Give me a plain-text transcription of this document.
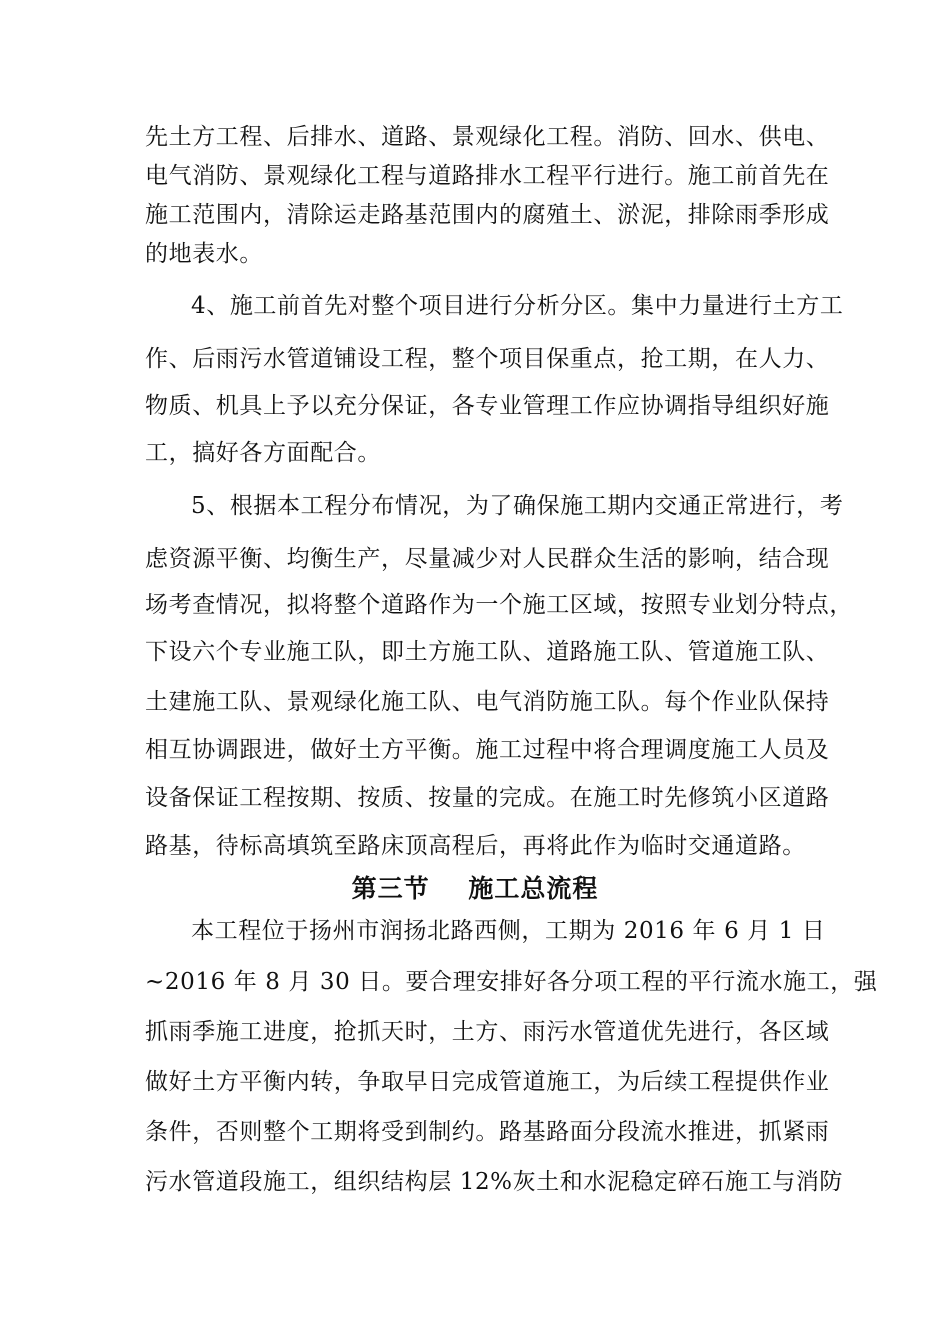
先土方工程、后排水、道路、景观绿化工程。消防、回水、供电、
电气消防、景观绿化工程与道路排水工程平行进行。施工前首先在
施工范围内，清除运走路基范围内的腐殖土、淤泥，排除雨季形成
的地表水。
4、施工前首先对整个项目进行分析分区。集中力量进行土方工
作、后雨污水管道铺设工程，整个项目保重点，抢工期，在人力、
物质、机具上予以充分保证，各专业管理工作应协调指导组织好施
工，搞好各方面配合。
5、根据本工程分布情况，为了确保施工期内交通正常进行，考
虑资源平衡、均衡生产，尽量减少对人民群众生活的影响，结合现
场考查情况，拟将整个道路作为一个施工区域，按照专业划分特点，
下设六个专业施工队，即土方施工队、道路施工队、管道施工队、
土建施工队、景观绿化施工队、电气消防施工队。每个作业队保持
相互协调跟进，做好土方平衡。施工过程中将合理调度施工人员及
设备保证工程按期、按质、按量的完成。在施工时先修筑小区道路
路基，待标高填筑至路床顶高程后，再将此作为临时交通道路。
第三节    施工总流程
本工程位于扬州市润扬北路西侧，工期为 2016 年 6 月 1 日
~2016 年 8 月 30 日。要合理安排好各分项工程的平行流水施工，强
抓雨季施工进度，抢抓天时，土方、雨污水管道优先进行，各区域
做好土方平衡内转，争取早日完成管道施工，为后续工程提供作业
条件，否则整个工期将受到制约。路基路面分段流水推进，抓紧雨
污水管道段施工，组织结构层 12%灰土和水泥稳定碎石施工与消防
